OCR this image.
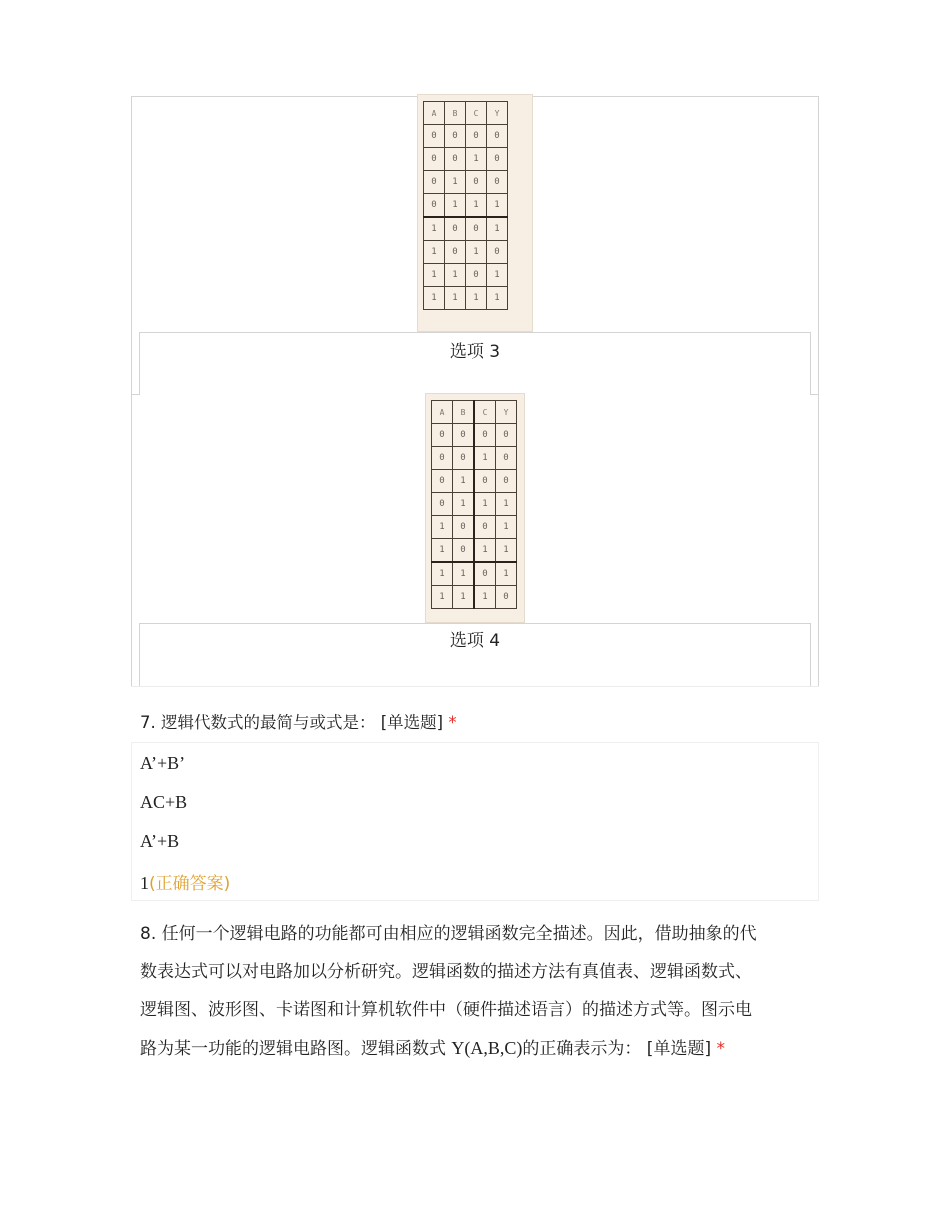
A	B	C	Y
0	0	0	0
0	0	1	0
0	1	0	0
0	1	1	1
1	0	0	1
1	0	1	0
1	1	0	1
1	1	1	1
选项 3
A	B	C	Y
0	0	0	0
0	0	1	0
0	1	0	0
0	1	1	1
1	0	0	1
1	0	1	1
1	1	0	1
1	1	1	0
选项 4
7. 逻辑代数式的最简与或式是： [单选题] *
A’+B’
AC+B
A’+B
1(正确答案)
8. 任何一个逻辑电路的功能都可由相应的逻辑函数完全描述。因此，借助抽象的代
数表达式可以对电路加以分析研究。逻辑函数的描述方法有真值表、逻辑函数式、
逻辑图、波形图、卡诺图和计算机软件中（硬件描述语言）的描述方式等。图示电
路为某一功能的逻辑电路图。逻辑函数式 Y(A,B,C)的正确表示为： [单选题] *
